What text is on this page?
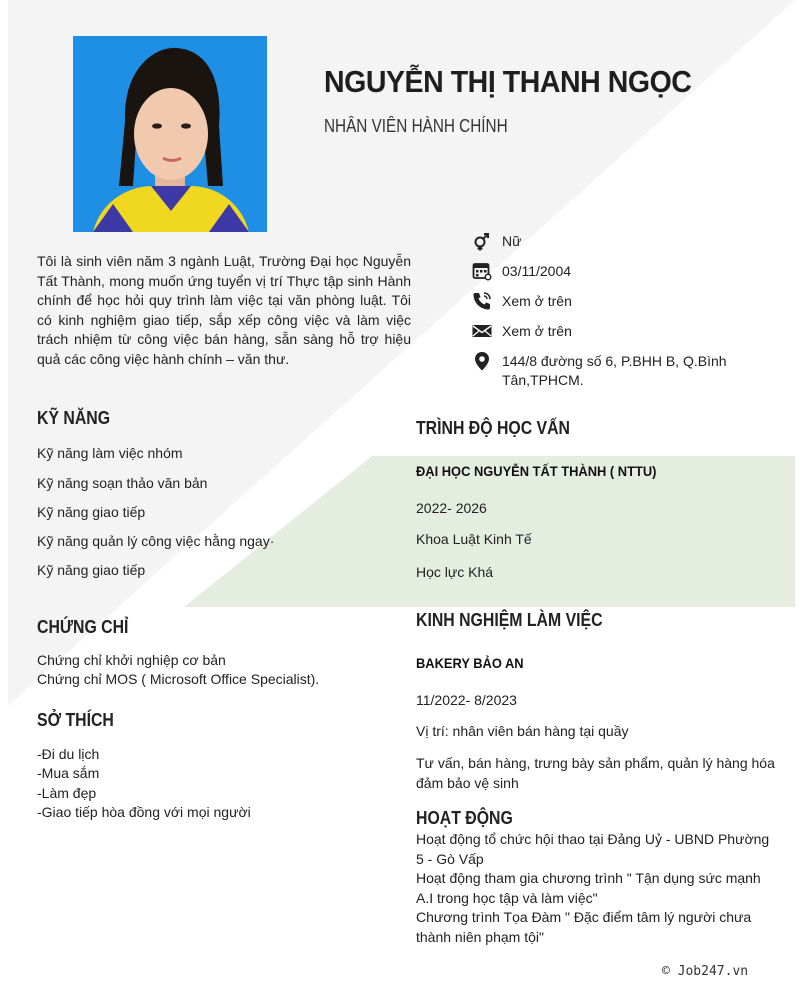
NGUYỄN THỊ THANH NGỌC
NHÂN VIÊN HÀNH CHÍNH
Tôi là sinh viên năm 3 ngành Luật, Trường Đại học Nguyễn Tất Thành, mong muốn ứng tuyển vị trí Thực tập sinh Hành chính để học hỏi quy trình làm việc tại văn phòng luật. Tôi có kinh nghiệm giao tiếp, sắp xếp công việc và làm việc trách nhiệm từ công việc bán hàng, sẵn sàng hỗ trợ hiệu quả các công việc hành chính – văn thư.
Nữ
03/11/2004
Xem ở trên
Xem ở trên
144/8 đường số 6, P.BHH B, Q.Bình Tân,TPHCM.
KỸ NĂNG
Kỹ năng làm việc nhóm
Kỹ năng soạn thảo văn bản
Kỹ năng giao tiếp
Kỹ năng quản lý công việc hằng ngay·
Kỹ năng giao tiếp
CHỨNG CHỈ
Chứng chỉ khởi nghiệp cơ bản
Chứng chỉ MOS ( Microsoft Office Specialist).
SỞ THÍCH
-Đi du lịch
-Mua sắm
-Làm đẹp
-Giao tiếp hòa đồng với mọi người
TRÌNH ĐỘ HỌC VẤN
ĐẠI HỌC NGUYỄN TẤT THÀNH ( NTTU)
2022- 2026
Khoa Luật Kinh Tế
Học lực Khá
KINH NGHIỆM LÀM VIỆC
BAKERY BẢO AN
11/2022- 8/2023
Vị trí: nhân viên bán hàng tại quầy
Tư vấn, bán hàng, trưng bày sản phẩm, quản lý hàng hóa đảm bảo vệ sinh
HOẠT ĐỘNG
Hoạt động tổ chức hội thao tại Đảng Uỷ - UBND Phường 5 - Gò Vấp
Hoạt động tham gia chương trình " Tận dụng sức mạnh A.I trong học tập và làm việc"
Chương trình Tọa Đàm " Đặc điểm tâm lý người chưa thành niên phạm tội"
© Job247.vn
